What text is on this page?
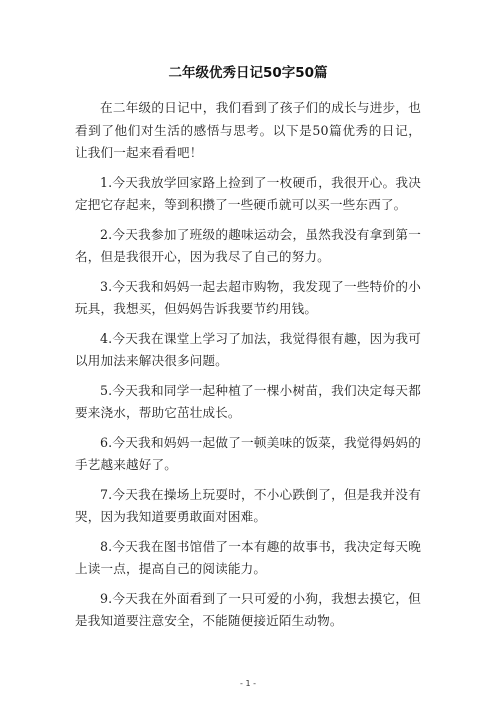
二年级优秀日记50字50篇

在二年级的日记中，我们看到了孩子们的成长与进步，也看到了他们对生活的感悟与思考。以下是50篇优秀的日记，让我们一起来看看吧！

1.今天我放学回家路上捡到了一枚硬币，我很开心。我决定把它存起来，等到积攒了一些硬币就可以买一些东西了。

2.今天我参加了班级的趣味运动会，虽然我没有拿到第一名，但是我很开心，因为我尽了自己的努力。

3.今天我和妈妈一起去超市购物，我发现了一些特价的小玩具，我想买，但妈妈告诉我要节约用钱。

4.今天我在课堂上学习了加法，我觉得很有趣，因为我可以用加法来解决很多问题。

5.今天我和同学一起种植了一棵小树苗，我们决定每天都要来浇水，帮助它茁壮成长。

6.今天我和妈妈一起做了一顿美味的饭菜，我觉得妈妈的手艺越来越好了。

7.今天我在操场上玩耍时，不小心跌倒了，但是我并没有哭，因为我知道要勇敢面对困难。

8.今天我在图书馆借了一本有趣的故事书，我决定每天晚上读一点，提高自己的阅读能力。

9.今天我在外面看到了一只可爱的小狗，我想去摸它，但是我知道要注意安全，不能随便接近陌生动物。

- 1 -
